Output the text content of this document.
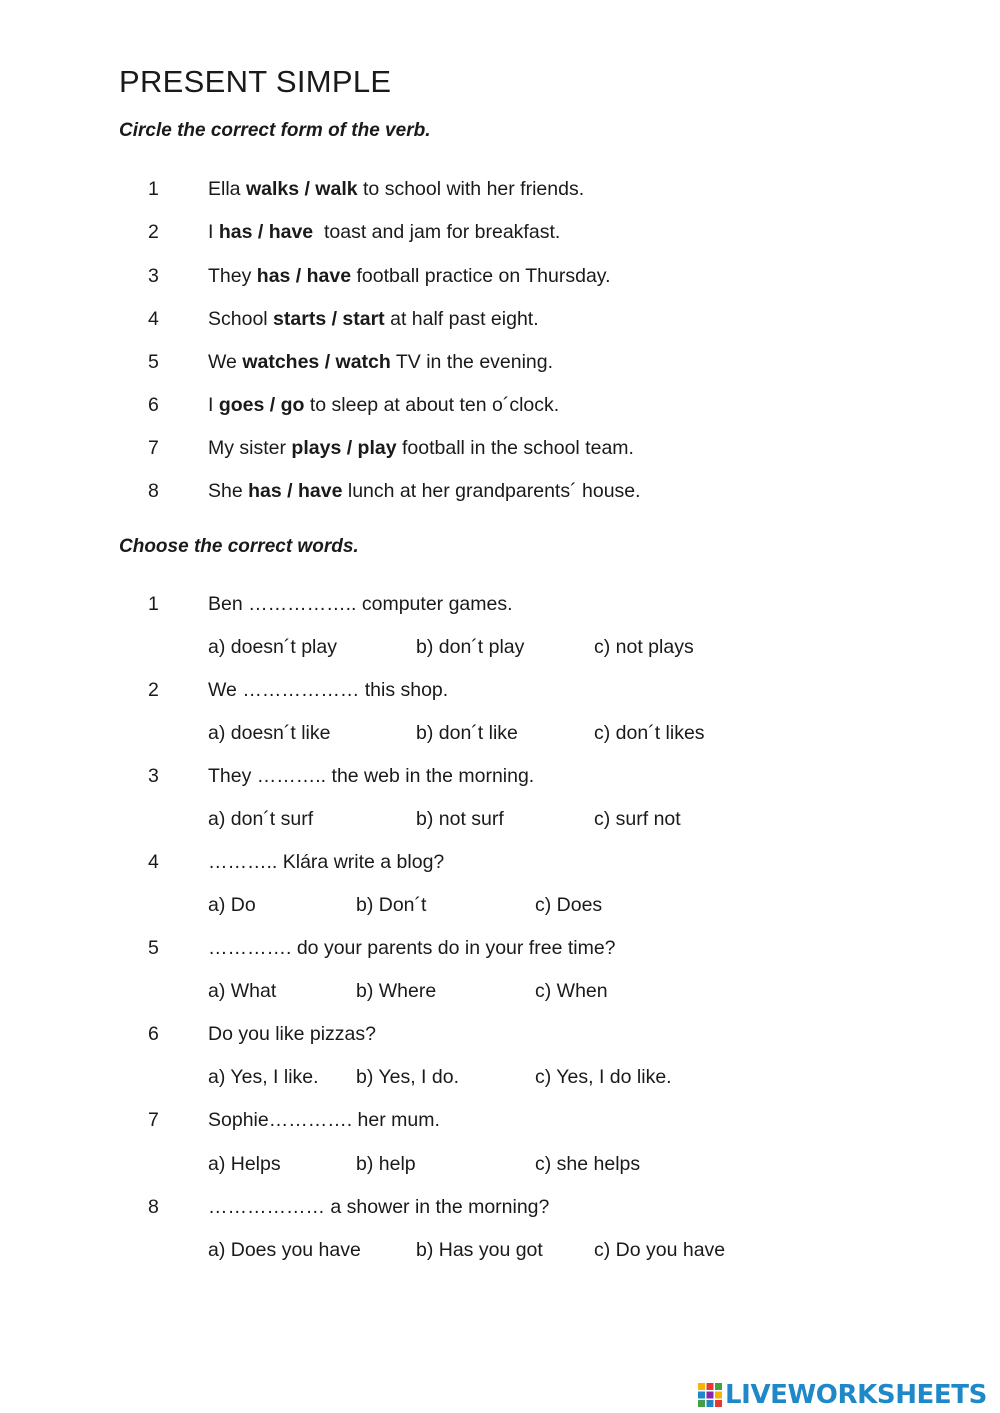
PRESENT SIMPLE
Circle the correct form of the verb.
1	Ella walks / walk to school with her friends.
2	I has / have  toast and jam for breakfast.
3	They has / have football practice on Thursday.
4	School starts / start at half past eight.
5	We watches / watch TV in the evening.
6	I goes / go to sleep at about ten o´clock.
7	My sister plays / play football in the school team.
8	She has / have lunch at her grandparents´ house.
Choose the correct words.
1	Ben …………….. computer games.
a) doesn´t play	b) don´t play	c) not plays
2	We ……………… this shop.
a) doesn´t like	b) don´t like	c) don´t likes
3	They ……….. the web in the morning.
a) don´t surf	b) not surf	c) surf not
4	……….. Klára write a blog?
a) Do	b) Don´t	c) Does
5	…………. do your parents do in your free time?
a) What	b) Where	c) When
6	Do you like pizzas?
a) Yes, I like. b) Yes, I do.	c) Yes, I do like.
7	Sophie…………. her mum.
a) Helps	b) help	c) she helps
8	……………… a shower in the morning?
a) Does you have	b) Has you got	c) Do you have
LIVEWORKSHEETS
